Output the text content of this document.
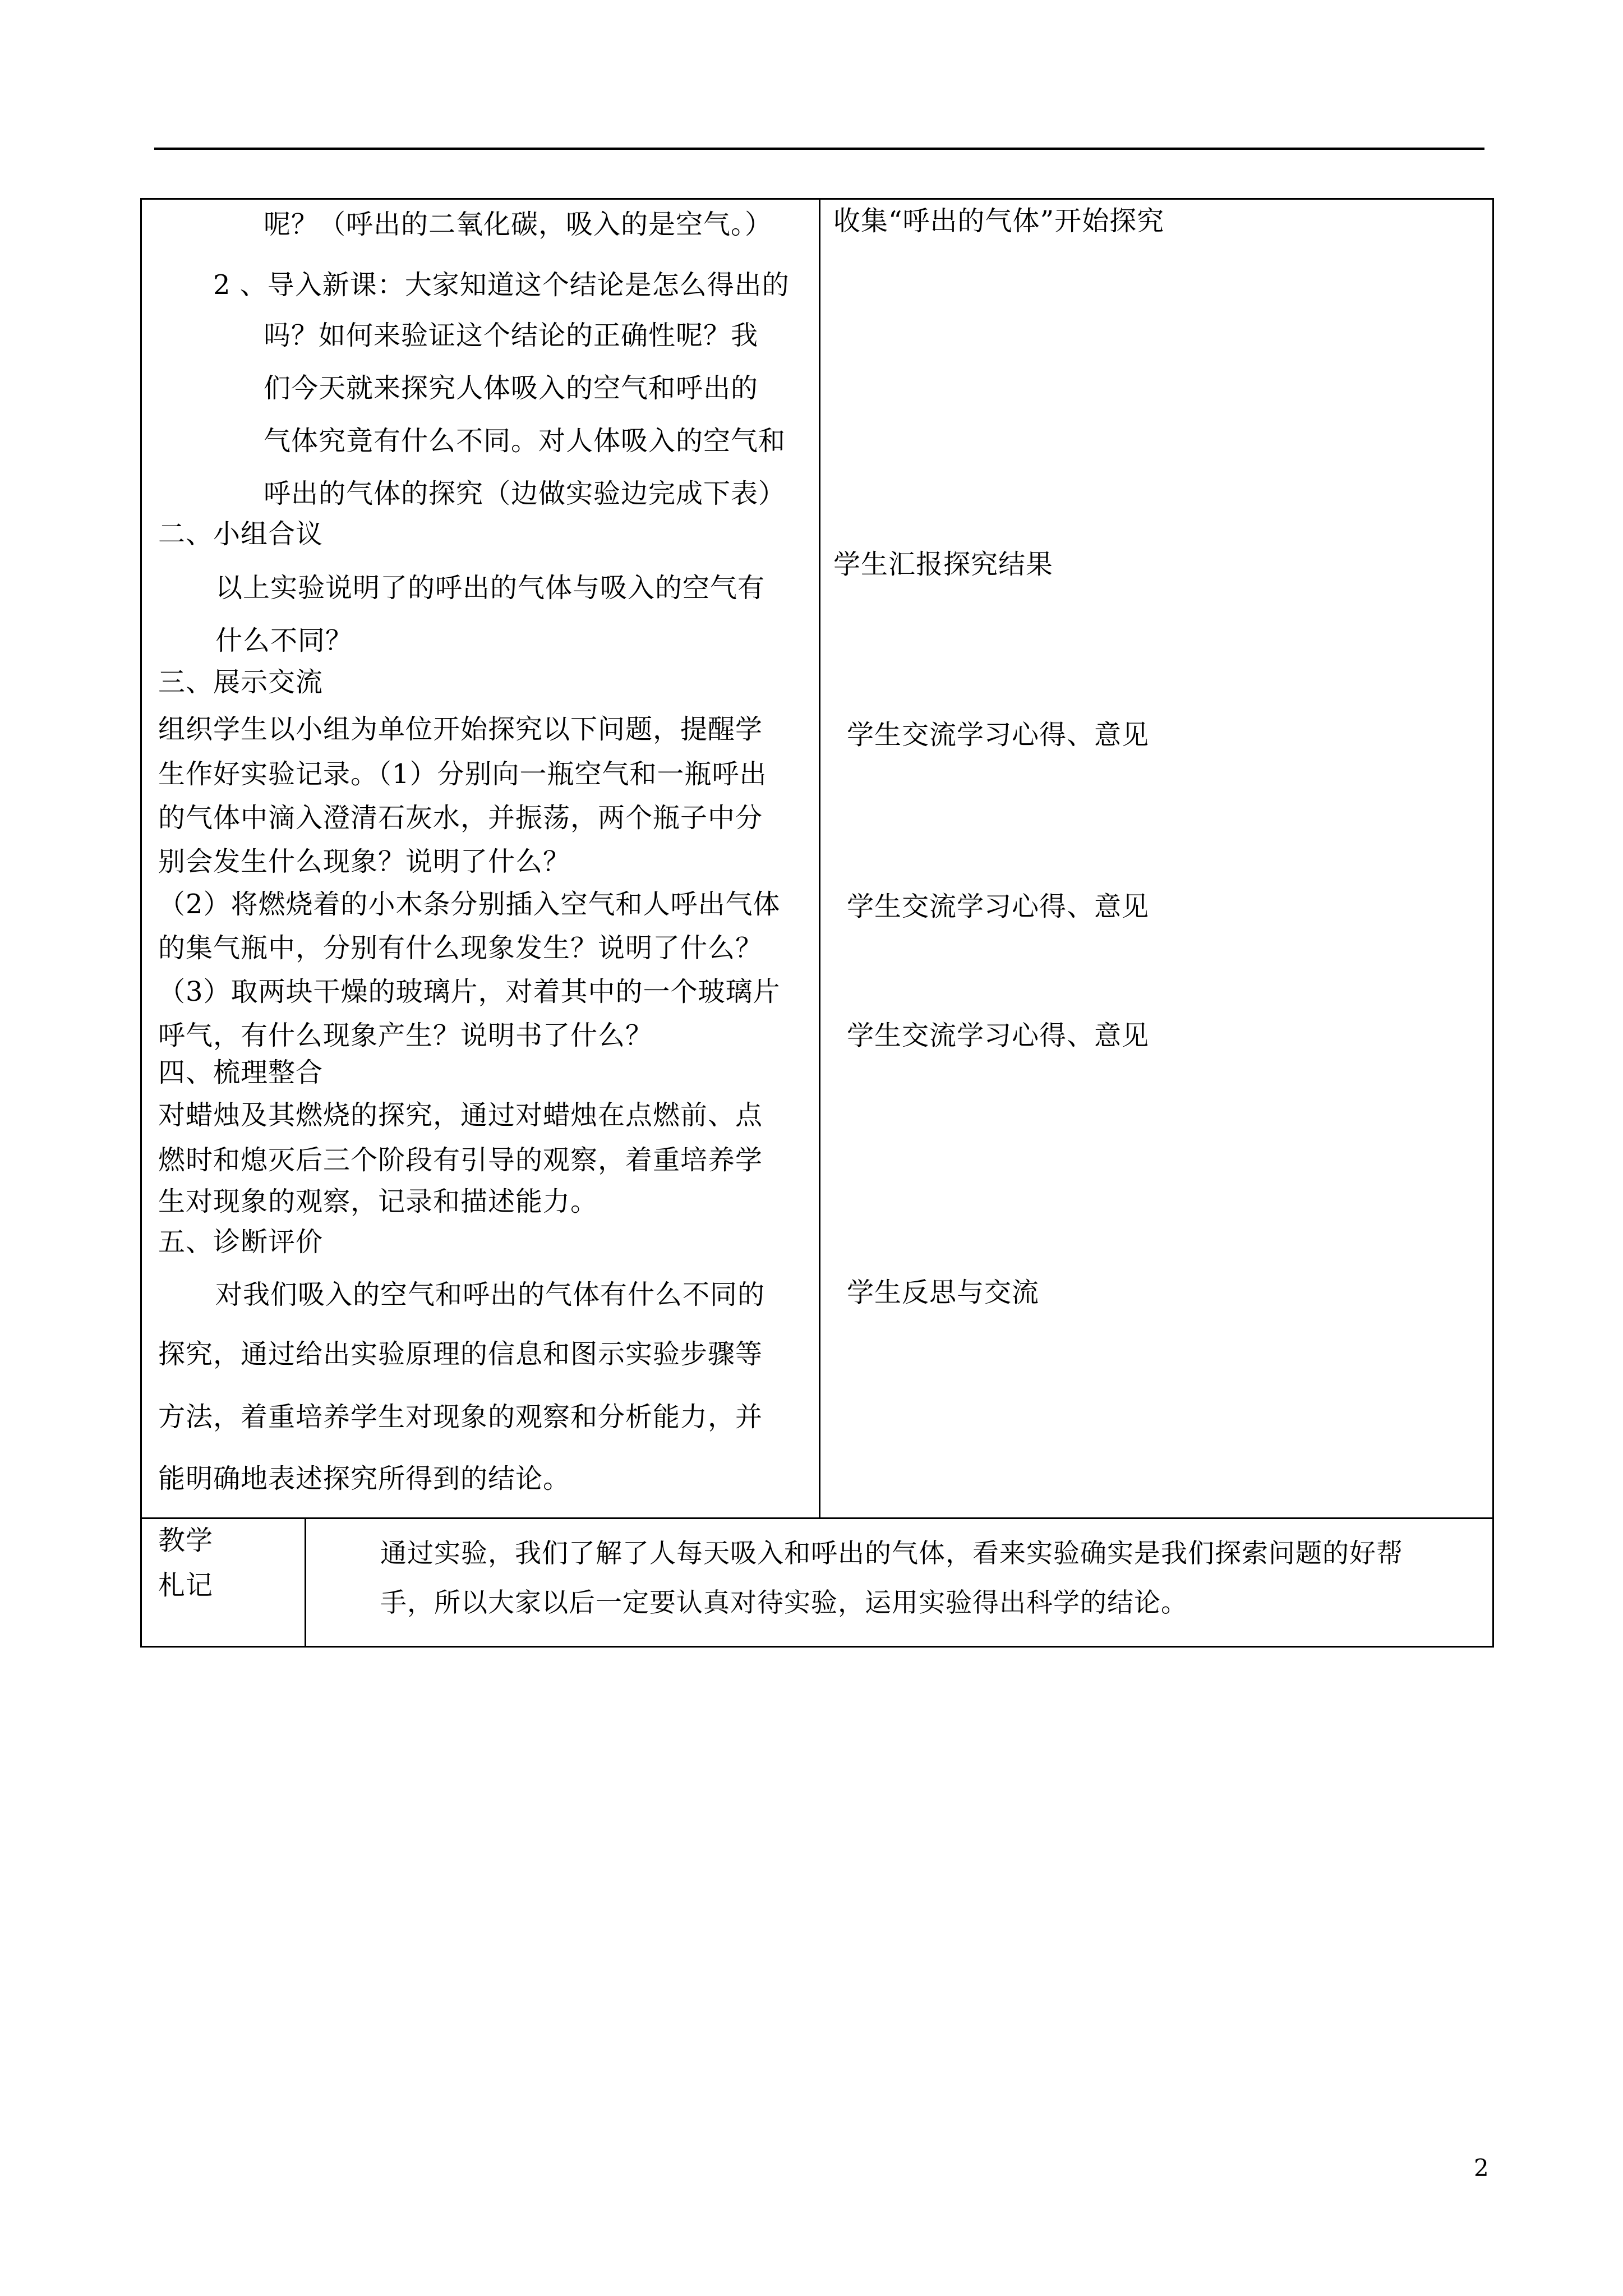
呢？（呼出的二氧化碳，吸入的是空气。）
2 、导入新课：大家知道这个结论是怎么得出的
吗？如何来验证这个结论的正确性呢？我
们今天就来探究人体吸入的空气和呼出的
气体究竟有什么不同。对人体吸入的空气和
呼出的气体的探究（边做实验边完成下表）
二、小组合议
以上实验说明了的呼出的气体与吸入的空气有
什么不同？
三、展示交流
组织学生以小组为单位开始探究以下问题，提醒学
生作好实验记录。（1）分别向一瓶空气和一瓶呼出
的气体中滴入澄清石灰水，并振荡，两个瓶子中分
别会发生什么现象？说明了什么？
（2）将燃烧着的小木条分别插入空气和人呼出气体
的集气瓶中，分别有什么现象发生？说明了什么？
（3）取两块干燥的玻璃片，对着其中的一个玻璃片
呼气，有什么现象产生？说明书了什么？
四、梳理整合
对蜡烛及其燃烧的探究，通过对蜡烛在点燃前、点
燃时和熄灭后三个阶段有引导的观察，着重培养学
生对现象的观察，记录和描述能力。
五、诊断评价
对我们吸入的空气和呼出的气体有什么不同的
探究，通过给出实验原理的信息和图示实验步骤等
方法，着重培养学生对现象的观察和分析能力，并
能明确地表述探究所得到的结论。
收集“呼出的气体”开始探究
学生汇报探究结果
学生交流学习心得、意见
学生交流学习心得、意见
学生交流学习心得、意见
学生反思与交流
教学
札记
通过实验，我们了解了人每天吸入和呼出的气体，看来实验确实是我们探索问题的好帮
手，所以大家以后一定要认真对待实验，运用实验得出科学的结论。
2
